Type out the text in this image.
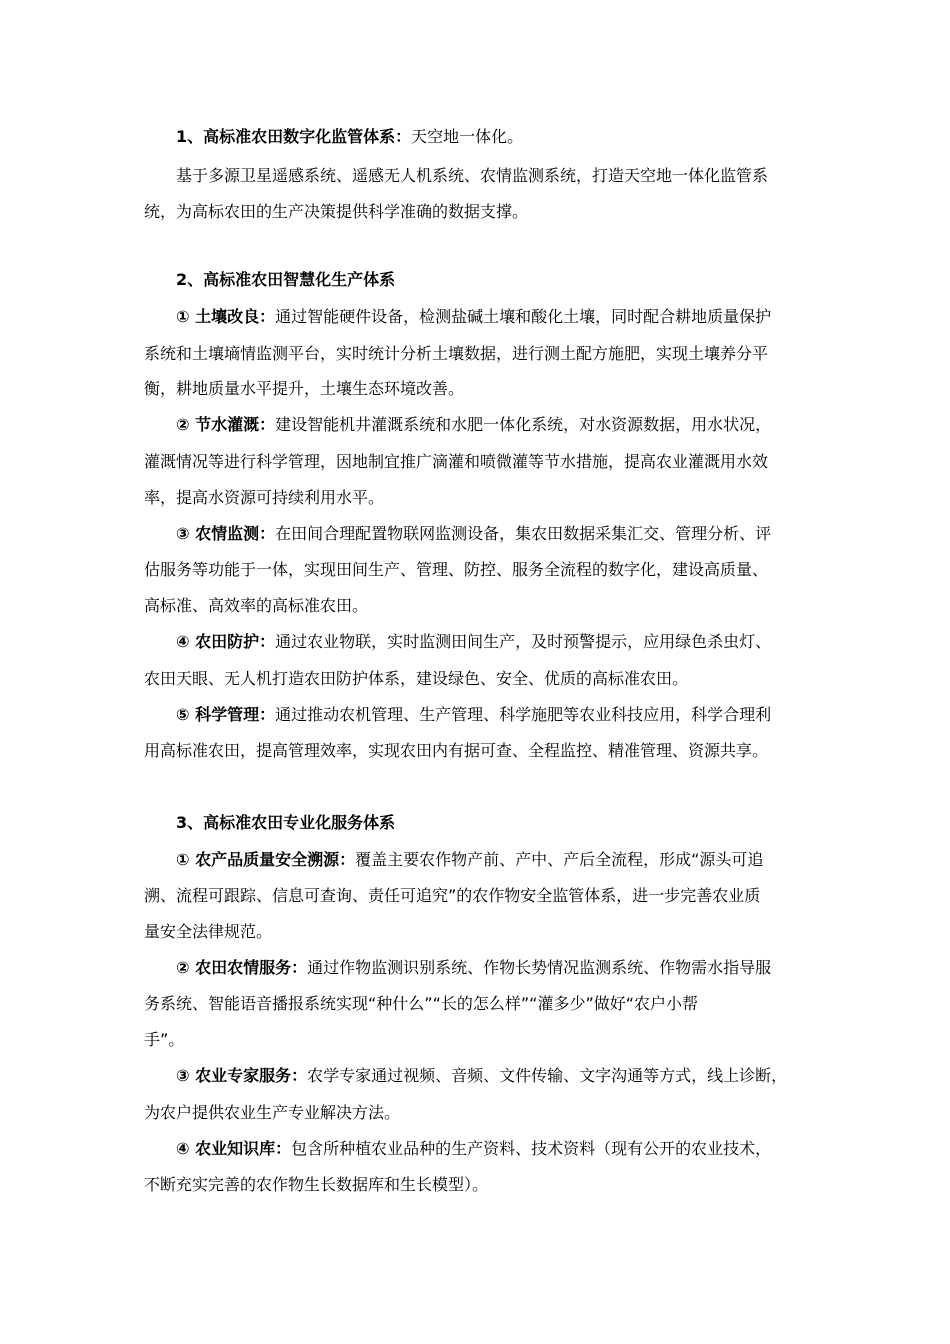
1、高标准农田数字化监管体系：天空地一体化。
基于多源卫星遥感系统、遥感无人机系统、农情监测系统，打造天空地一体化监管系
统，为高标农田的生产决策提供科学准确的数据支撑。
2、高标准农田智慧化生产体系
① 土壤改良：通过智能硬件设备，检测盐碱土壤和酸化土壤，同时配合耕地质量保护
系统和土壤墒情监测平台，实时统计分析土壤数据，进行测土配方施肥，实现土壤养分平
衡，耕地质量水平提升，土壤生态环境改善。
② 节水灌溉：建设智能机井灌溉系统和水肥一体化系统，对水资源数据，用水状况，
灌溉情况等进行科学管理，因地制宜推广滴灌和喷微灌等节水措施，提高农业灌溉用水效
率，提高水资源可持续利用水平。
③ 农情监测：在田间合理配置物联网监测设备，集农田数据采集汇交、管理分析、评
估服务等功能于一体，实现田间生产、管理、防控、服务全流程的数字化，建设高质量、
高标准、高效率的高标准农田。
④ 农田防护：通过农业物联，实时监测田间生产，及时预警提示，应用绿色杀虫灯、
农田天眼、无人机打造农田防护体系，建设绿色、安全、优质的高标准农田。
⑤ 科学管理：通过推动农机管理、生产管理、科学施肥等农业科技应用，科学合理利
用高标准农田，提高管理效率，实现农田内有据可查、全程监控、精准管理、资源共享。
3、高标准农田专业化服务体系
① 农产品质量安全溯源：覆盖主要农作物产前、产中、产后全流程，形成“源头可追
溯、流程可跟踪、信息可查询、责任可追究”的农作物安全监管体系，进一步完善农业质
量安全法律规范。
② 农田农情服务：通过作物监测识别系统、作物长势情况监测系统、作物需水指导服
务系统、智能语音播报系统实现“种什么”“长的怎么样”“灌多少”做好“农户小帮
手”。
③ 农业专家服务：农学专家通过视频、音频、文件传输、文字沟通等方式，线上诊断，
为农户提供农业生产专业解决方法。
④ 农业知识库：包含所种植农业品种的生产资料、技术资料（现有公开的农业技术，
不断充实完善的农作物生长数据库和生长模型）。
